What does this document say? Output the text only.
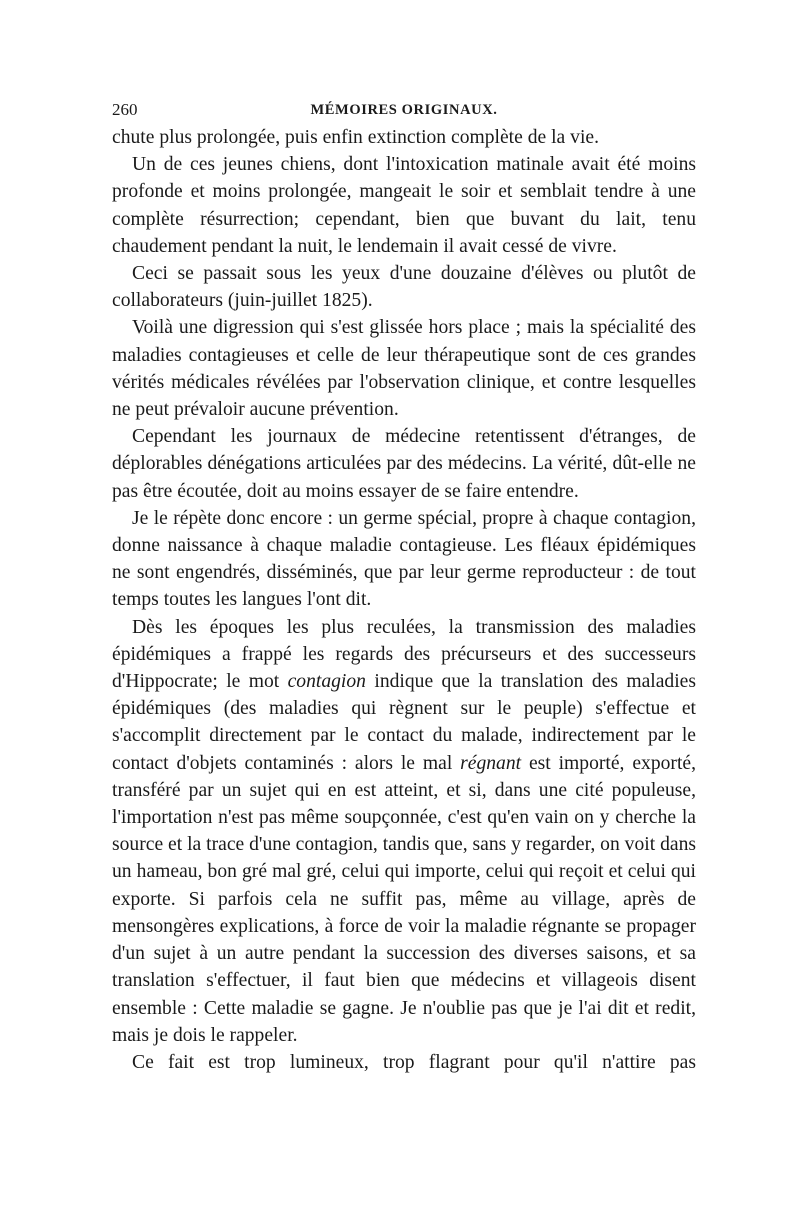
260	MÉMOIRES ORIGINAUX.

chute plus prolongée, puis enfin extinction complète de la vie.

Un de ces jeunes chiens, dont l'intoxication matinale avait été moins profonde et moins prolongée, mangeait le soir et semblait tendre à une complète résurrection; cependant, bien que buvant du lait, tenu chaudement pendant la nuit, le lendemain il avait cessé de vivre.

Ceci se passait sous les yeux d'une douzaine d'élèves ou plutôt de collaborateurs (juin-juillet 1825).

Voilà une digression qui s'est glissée hors place ; mais la spécialité des maladies contagieuses et celle de leur thérapeutique sont de ces grandes vérités médicales révélées par l'observation clinique, et contre lesquelles ne peut prévaloir aucune prévention.

Cependant les journaux de médecine retentissent d'étranges, de déplorables dénégations articulées par des médecins. La vérité, dût-elle ne pas être écoutée, doit au moins essayer de se faire entendre.

Je le répète donc encore : un germe spécial, propre à chaque contagion, donne naissance à chaque maladie contagieuse. Les fléaux épidémiques ne sont engendrés, disséminés, que par leur germe reproducteur : de tout temps toutes les langues l'ont dit.

Dès les époques les plus reculées, la transmission des maladies épidémiques a frappé les regards des précurseurs et des successeurs d'Hippocrate; le mot contagion indique que la translation des maladies épidémiques (des maladies qui règnent sur le peuple) s'effectue et s'accomplit directement par le contact du malade, indirectement par le contact d'objets contaminés : alors le mal régnant est importé, exporté, transféré par un sujet qui en est atteint, et si, dans une cité populeuse, l'importation n'est pas même soupçonnée, c'est qu'en vain on y cherche la source et la trace d'une contagion, tandis que, sans y regarder, on voit dans un hameau, bon gré mal gré, celui qui importe, celui qui reçoit et celui qui exporte. Si parfois cela ne suffit pas, même au village, après de mensongères explications, à force de voir la maladie régnante se propager d'un sujet à un autre pendant la succession des diverses saisons, et sa translation s'effectuer, il faut bien que médecins et villageois disent ensemble : Cette maladie se gagne. Je n'oublie pas que je l'ai dit et redit, mais je dois le rappeler.

Ce fait est trop lumineux, trop flagrant pour qu'il n'attire pas
